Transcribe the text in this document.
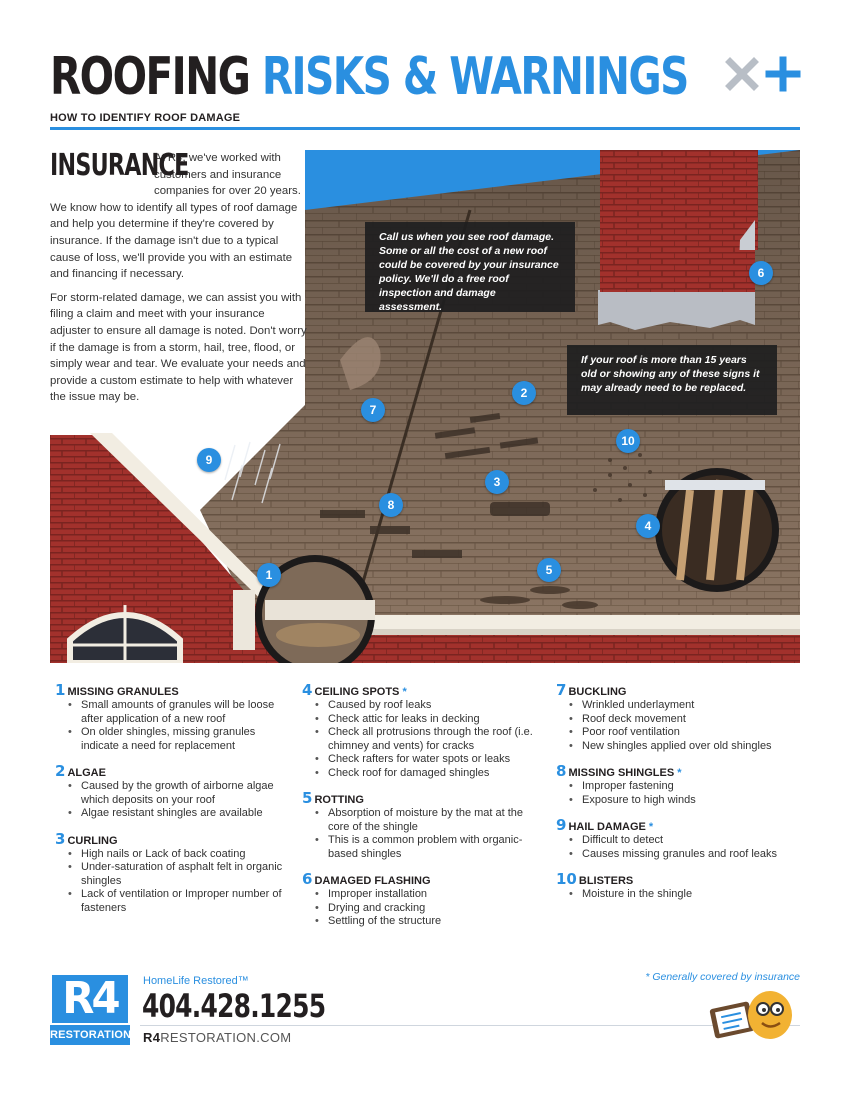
ROOFING RISKS & WARNINGS
HOW TO IDENTIFY ROOF DAMAGE
INSURANCE

At R4, we've worked with customers and insurance companies for over 20 years. We know how to identify all types of roof damage and help you determine if they're covered by insurance. If the damage isn't due to a typical cause of loss, we'll provide you with an estimate and financing if necessary.

For storm-related damage, we can assist you with filing a claim and meet with your insurance adjuster to ensure all damage is noted. Don't worry if the damage is from a storm, hail, tree, flood, or simply wear and tear. We evaluate your needs and provide a custom estimate to help with whatever the issue may be.

Call us when you see roof damage. Some or all the cost of a new roof could be covered by your insurance policy. We'll do a free roof inspection and damage assessment.
If your roof is more than 15 years old or showing any of these signs it may already need to be replaced.
1
2
3
4
5
6
7
8
9
10
1 MISSING GRANULES
• Small amounts of granules will be loose after application of a new roof
• On older shingles, missing granules indicate a need for replacement
2 ALGAE
• Caused by the growth of airborne algae which deposits on your roof
• Algae resistant shingles are available
3 CURLING
• High nails or Lack of back coating
• Under-saturation of asphalt felt in organic shingles
• Lack of ventilation or Improper number of fasteners
4 CEILING SPOTS *
• Caused by roof leaks
• Check attic for leaks in decking
• Check all protrusions through the roof (i.e. chimney and vents) for cracks
• Check rafters for water spots or leaks
• Check roof for damaged shingles
5 ROTTING
• Absorption of moisture by the mat at the core of the shingle
• This is a common problem with organic-based shingles
6 DAMAGED FLASHING
• Improper installation
• Drying and cracking
• Settling of the structure
7 BUCKLING
• Wrinkled underlayment
• Roof deck movement
• Poor roof ventilation
• New shingles applied over old shingles
8 MISSING SHINGLES *
• Improper fastening
• Exposure to high winds
9 HAIL DAMAGE *
• Difficult to detect
• Causes missing granules and roof leaks
10 BLISTERS
• Moisture in the shingle
* Generally covered by insurance
R4
RESTORATION
HomeLife Restored™
404.428.1255
R4RESTORATION.COM
